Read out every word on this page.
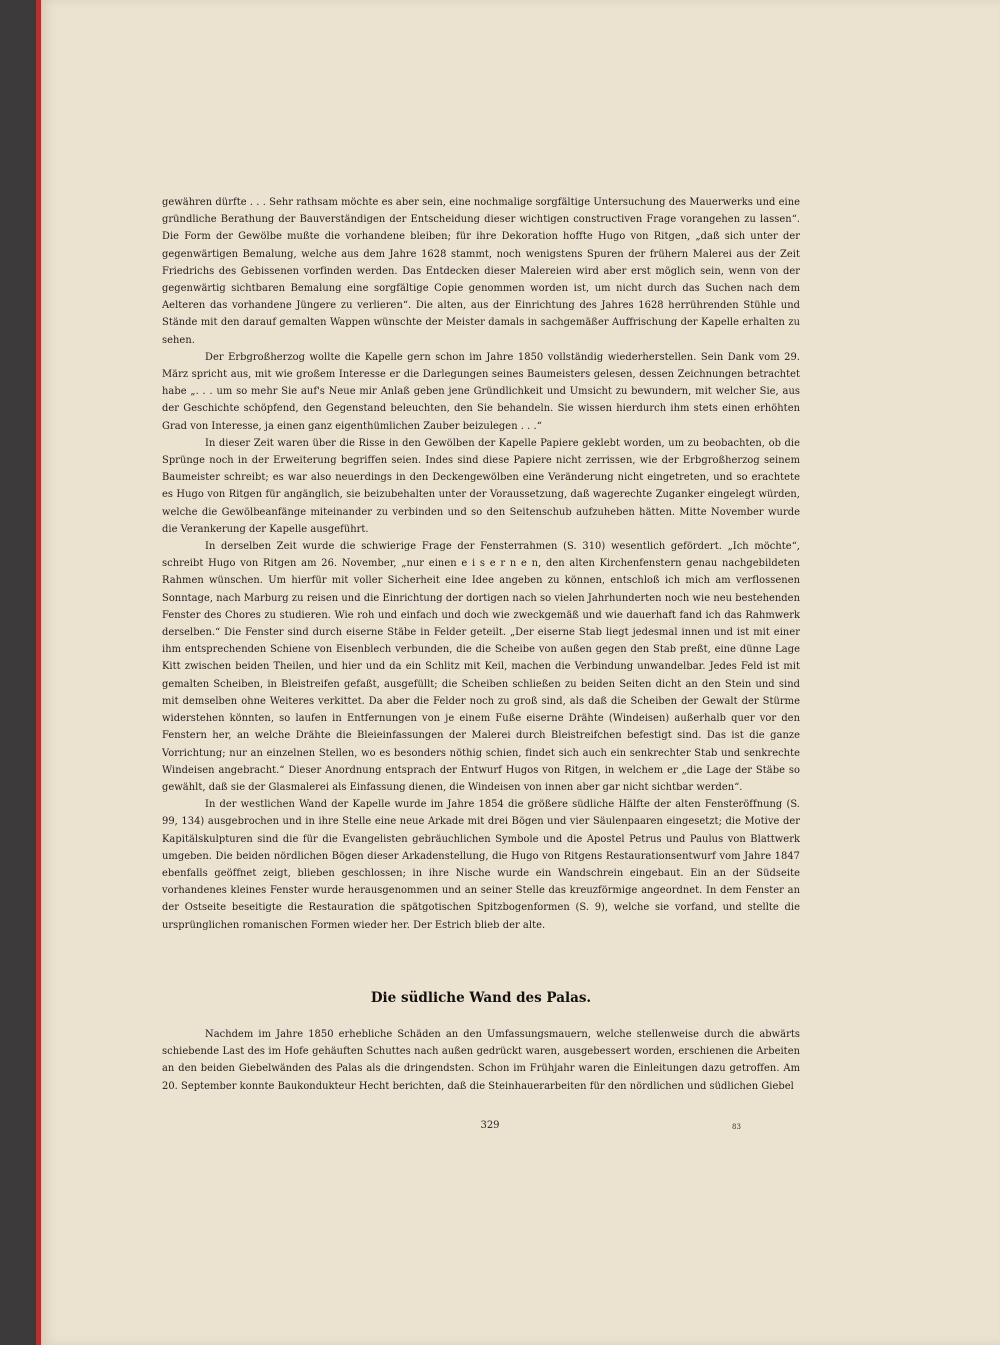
gewähren dürfte . . . Sehr rathsam möchte es aber sein, eine nochmalige sorgfältige Untersuchung des Mauerwerks und eine gründliche Berathung der Bauverständigen der Entscheidung dieser wichtigen constructiven Frage vorangehen zu lassen“. Die Form der Gewölbe mußte die vorhandene bleiben; für ihre Dekoration hoffte Hugo von Ritgen, „daß sich unter der gegenwärtigen Bemalung, welche aus dem Jahre 1628 stammt, noch wenigstens Spuren der frühern Malerei aus der Zeit Friedrichs des Gebissenen vorfinden werden. Das Entdecken dieser Malereien wird aber erst möglich sein, wenn von der gegenwärtig sichtbaren Bemalung eine sorgfältige Copie genommen worden ist, um nicht durch das Suchen nach dem Aelteren das vorhandene Jüngere zu verlieren“. Die alten, aus der Einrichtung des Jahres 1628 herrührenden Stühle und Stände mit den darauf gemalten Wappen wünschte der Meister damals in sachgemäßer Auffrischung der Kapelle erhalten zu sehen.

Der Erbgroßherzog wollte die Kapelle gern schon im Jahre 1850 vollständig wiederherstellen. Sein Dank vom 29. März spricht aus, mit wie großem Interesse er die Darlegungen seines Baumeisters gelesen, dessen Zeichnungen betrachtet habe „. . . um so mehr Sie auf's Neue mir Anlaß geben jene Gründlichkeit und Umsicht zu bewundern, mit welcher Sie, aus der Geschichte schöpfend, den Gegenstand beleuchten, den Sie behandeln. Sie wissen hierdurch ihm stets einen erhöhten Grad von Interesse, ja einen ganz eigenthümlichen Zauber beizulegen . . .“

In dieser Zeit waren über die Risse in den Gewölben der Kapelle Papiere geklebt worden, um zu beobachten, ob die Sprünge noch in der Erweiterung begriffen seien. Indes sind diese Papiere nicht zerrissen, wie der Erbgroßherzog seinem Baumeister schreibt; es war also neuerdings in den Deckengewölben eine Veränderung nicht eingetreten, und so erachtete es Hugo von Ritgen für angänglich, sie beizubehalten unter der Voraussetzung, daß wagerechte Zuganker eingelegt würden, welche die Gewölbeanfänge miteinander zu verbinden und so den Seitenschub aufzuheben hätten. Mitte November wurde die Verankerung der Kapelle ausgeführt.

In derselben Zeit wurde die schwierige Frage der Fensterrahmen (S. 310) wesentlich gefördert. „Ich möchte“, schreibt Hugo von Ritgen am 26. November, „nur einen e i s e r n e n, den alten Kirchenfenstern genau nachgebildeten Rahmen wünschen. Um hierfür mit voller Sicherheit eine Idee angeben zu können, entschloß ich mich am verflossenen Sonntage, nach Marburg zu reisen und die Einrichtung der dortigen nach so vielen Jahrhunderten noch wie neu bestehenden Fenster des Chores zu studieren. Wie roh und einfach und doch wie zweckgemäß und wie dauerhaft fand ich das Rahmwerk derselben.“ Die Fenster sind durch eiserne Stäbe in Felder geteilt. „Der eiserne Stab liegt jedesmal innen und ist mit einer ihm entsprechenden Schiene von Eisenblech verbunden, die die Scheibe von außen gegen den Stab preßt, eine dünne Lage Kitt zwischen beiden Theilen, und hier und da ein Schlitz mit Keil, machen die Verbindung unwandelbar. Jedes Feld ist mit gemalten Scheiben, in Bleistreifen gefaßt, ausgefüllt; die Scheiben schließen zu beiden Seiten dicht an den Stein und sind mit demselben ohne Weiteres verkittet. Da aber die Felder noch zu groß sind, als daß die Scheiben der Gewalt der Stürme widerstehen könnten, so laufen in Entfernungen von je einem Fuße eiserne Drähte (Windeisen) außerhalb quer vor den Fenstern her, an welche Drähte die Bleieinfassungen der Malerei durch Bleistreifchen befestigt sind. Das ist die ganze Vorrichtung; nur an einzelnen Stellen, wo es besonders nöthig schien, findet sich auch ein senkrechter Stab und senkrechte Windeisen angebracht.“ Dieser Anordnung entsprach der Entwurf Hugos von Ritgen, in welchem er „die Lage der Stäbe so gewählt, daß sie der Glasmalerei als Einfassung dienen, die Windeisen von innen aber gar nicht sichtbar werden“.

In der westlichen Wand der Kapelle wurde im Jahre 1854 die größere südliche Hälfte der alten Fensteröffnung (S. 99, 134) ausgebrochen und in ihre Stelle eine neue Arkade mit drei Bögen und vier Säulenpaaren eingesetzt; die Motive der Kapitälskulpturen sind die für die Evangelisten gebräuchlichen Symbole und die Apostel Petrus und Paulus von Blattwerk umgeben. Die beiden nördlichen Bögen dieser Arkadenstellung, die Hugo von Ritgens Restaurationsentwurf vom Jahre 1847 ebenfalls geöffnet zeigt, blieben geschlossen; in ihre Nische wurde ein Wandschrein eingebaut. Ein an der Südseite vorhandenes kleines Fenster wurde herausgenommen und an seiner Stelle das kreuzförmige angeordnet. In dem Fenster an der Ostseite beseitigte die Restauration die spätgotischen Spitzbogenformen (S. 9), welche sie vorfand, und stellte die ursprünglichen romanischen Formen wieder her. Der Estrich blieb der alte.

Die südliche Wand des Palas.

Nachdem im Jahre 1850 erhebliche Schäden an den Umfassungsmauern, welche stellenweise durch die abwärts schiebende Last des im Hofe gehäuften Schuttes nach außen gedrückt waren, ausgebessert worden, erschienen die Arbeiten an den beiden Giebelwänden des Palas als die dringendsten. Schon im Frühjahr waren die Einleitungen dazu getroffen. Am 20. September konnte Baukondukteur Hecht berichten, daß die Steinhauerarbeiten für den nördlichen und südlichen Giebel

329	83
